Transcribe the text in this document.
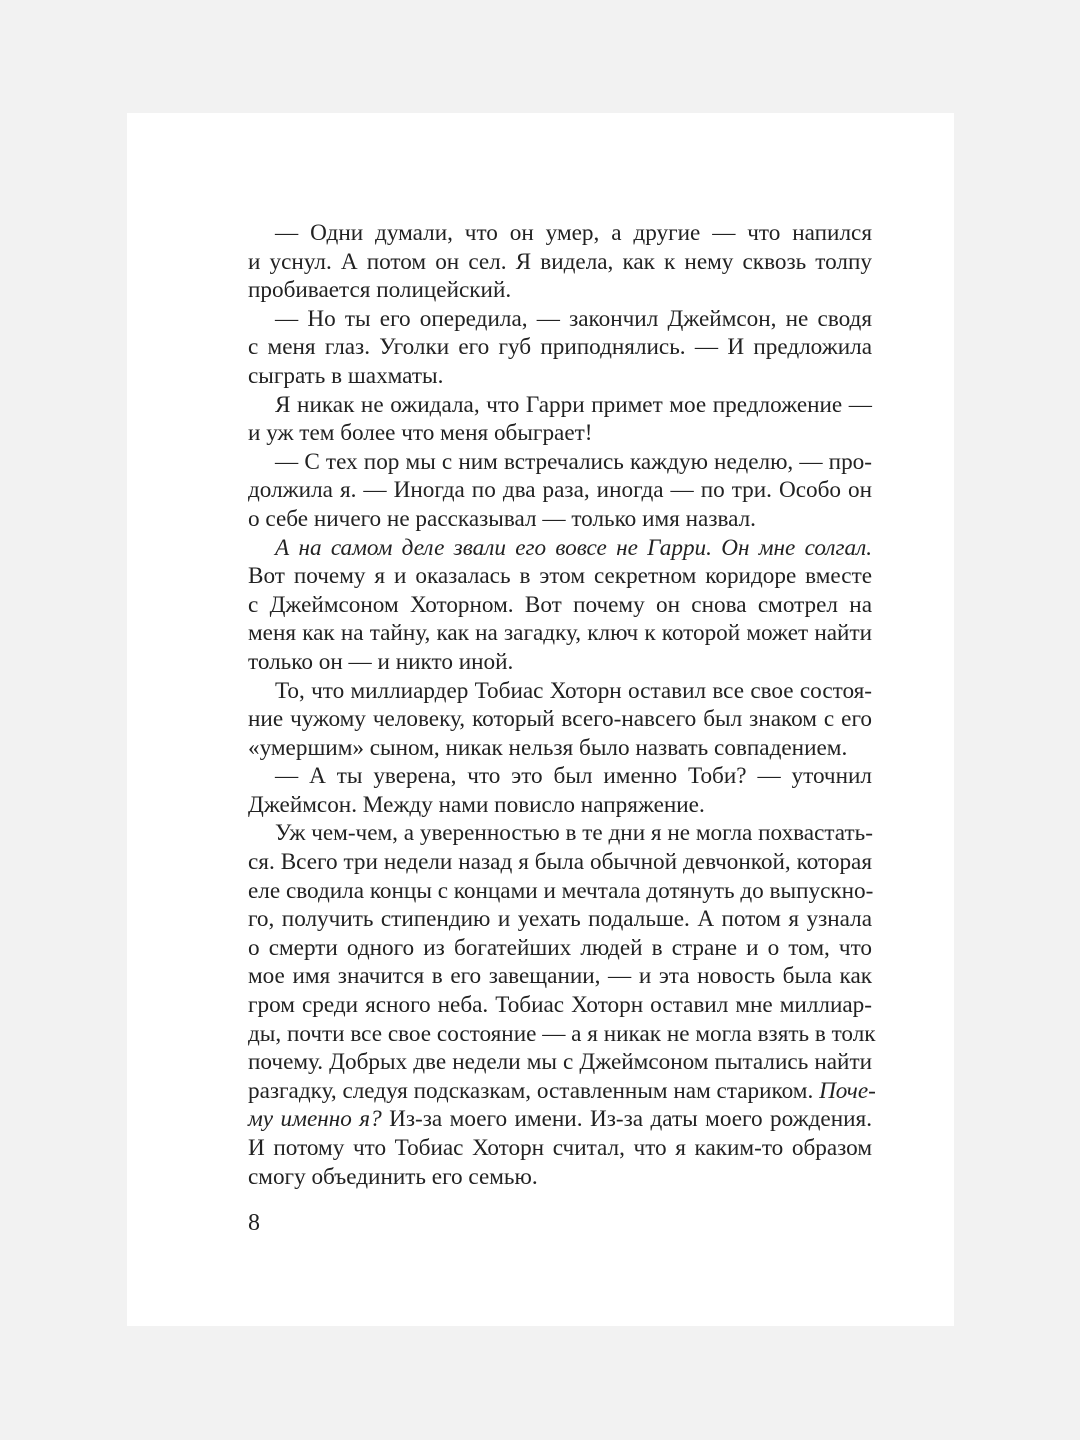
— Одни думали, что он умер, а другие — что напился
и уснул. А потом он сел. Я видела, как к нему сквозь толпу
пробивается полицейский.
— Но ты его опередила, — закончил Джеймсон, не сводя
с меня глаз. Уголки его губ приподнялись. — И предложила
сыграть в шахматы.
Я никак не ожидала, что Гарри примет мое предложение —
и уж тем более что меня обыграет!
— С тех пор мы с ним встречались каждую неделю, — про-
должила я. — Иногда по два раза, иногда — по три. Особо он
о себе ничего не рассказывал — только имя назвал.
А на самом деле звали его вовсе не Гарри. Он мне солгал.
Вот почему я и оказалась в этом секретном коридоре вместе
с Джеймсоном Хоторном. Вот почему он снова смотрел на
меня как на тайну, как на загадку, ключ к которой может найти
только он — и никто иной.
То, что миллиардер Тобиас Хоторн оставил все свое состоя-
ние чужому человеку, который всего-навсего был знаком с его
«умершим» сыном, никак нельзя было назвать совпадением.
— А ты уверена, что это был именно Тоби? — уточнил
Джеймсон. Между нами повисло напряжение.
Уж чем-чем, а уверенностью в те дни я не могла похвастать-
ся. Всего три недели назад я была обычной девчонкой, которая
еле сводила концы с концами и мечтала дотянуть до выпускно-
го, получить стипендию и уехать подальше. А потом я узнала
о смерти одного из богатейших людей в стране и о том, что
мое имя значится в его завещании, — и эта новость была как
гром среди ясного неба. Тобиас Хоторн оставил мне миллиар-
ды, почти все свое состояние — а я никак не могла взять в толк
почему. Добрых две недели мы с Джеймсоном пытались найти
разгадку, следуя подсказкам, оставленным нам стариком. Поче-
му именно я? Из-за моего имени. Из-за даты моего рождения.
И потому что Тобиас Хоторн считал, что я каким-то образом
смогу объединить его семью.
8
